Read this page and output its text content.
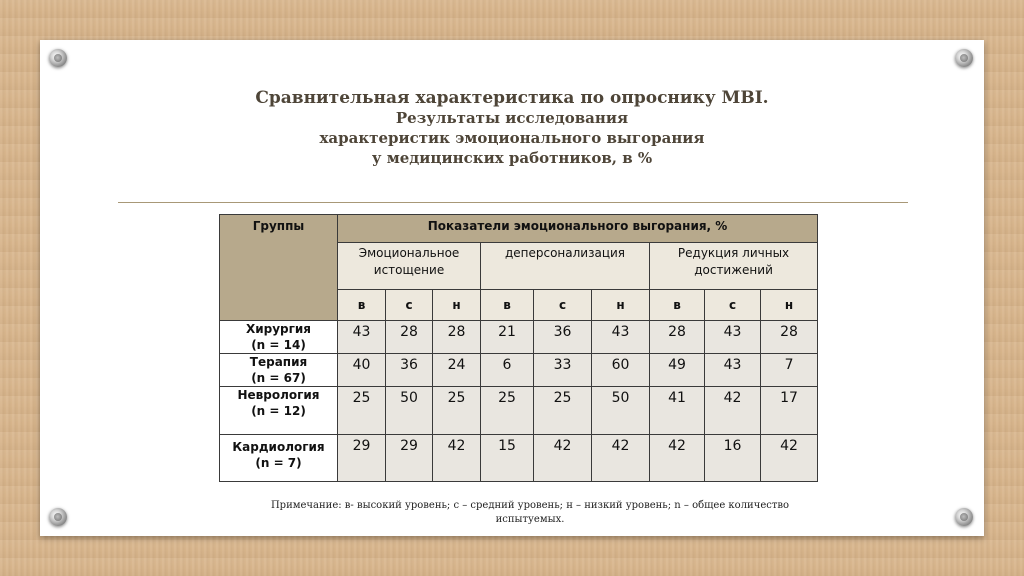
Сравнительная характеристика по опроснику MBI.
Результаты исследования
характеристик эмоционального выгорания
у медицинских работников, в %
Группы	Показатели эмоционального выгорания, %								
	Эмоциональное истощение			деперсонализация			Редукция личных достижений		
	в	с	н	в	с	н	в	с	н

Хирургия
(n = 14)	43	28	28	21	36	43	28	43	28

Терапия
(n = 67)	40	36	24	6	33	60	49	43	7

Неврология
(n = 12)	25	50	25	25	25	50	41	42	17

Кардиология
(n = 7)	29	29	42	15	42	42	42	16	42
Примечание: в- высокий уровень; с – средний уровень; н – низкий уровень; n – общее количество
испытуемых.
